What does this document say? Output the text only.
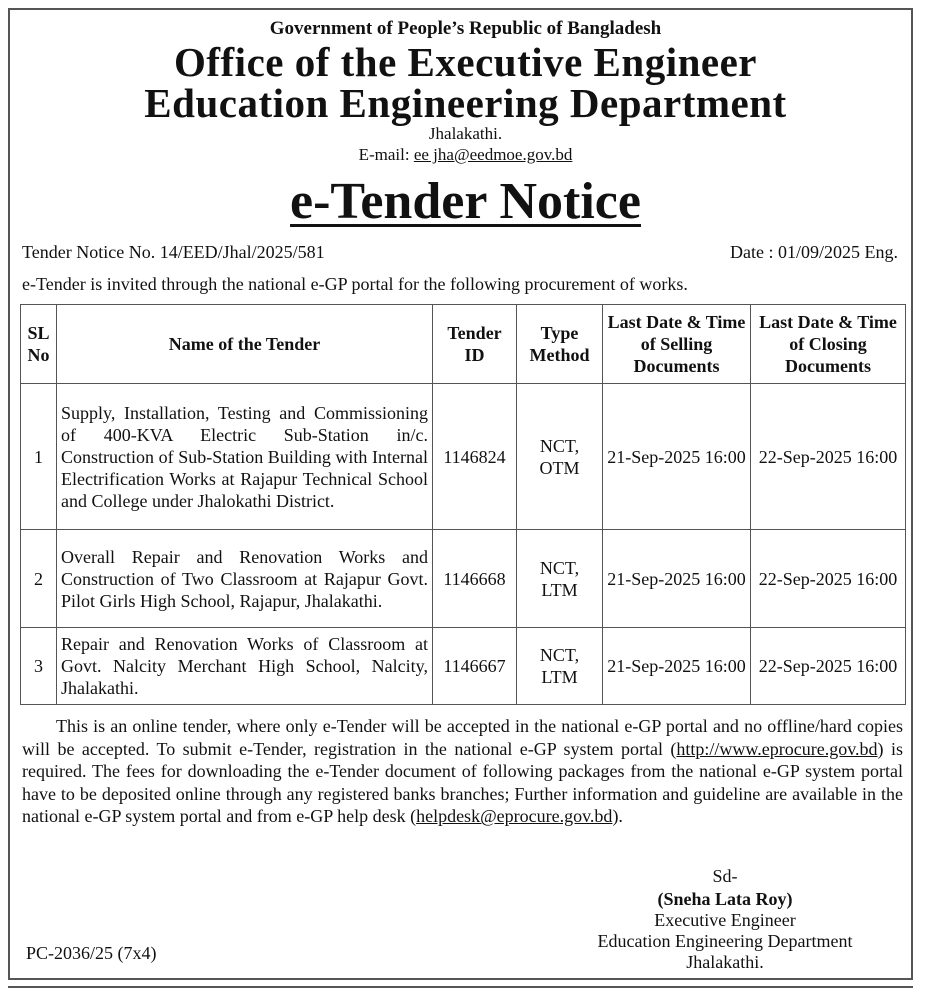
Government of People’s Republic of Bangladesh
Office of the Executive Engineer
Education Engineering Department
Jhalakathi.
E-mail: ee jha@eedmoe.gov.bd
e-Tender Notice
Tender Notice No. 14/EED/Jhal/2025/581	Date : 01/09/2025 Eng.
e-Tender is invited through the national e-GP portal for the following procurement of works.
SL No	Name of the Tender	Tender ID	Type Method	Last Date & Time of Selling Documents	Last Date & Time of Closing Documents
1	Supply, Installation, Testing and Commissioning of 400-KVA Electric Sub-Station in/c. Construction of Sub-Station Building with Internal Electrification Works at Rajapur Technical School and College under Jhalokathi District.	1146824	NCT, OTM	21-Sep-2025 16:00	22-Sep-2025 16:00
2	Overall Repair and Renovation Works and Construction of Two Classroom at Rajapur Govt. Pilot Girls High School, Rajapur, Jhalakathi.	1146668	NCT, LTM	21-Sep-2025 16:00	22-Sep-2025 16:00
3	Repair and Renovation Works of Classroom at Govt. Nalcity Merchant High School, Nalcity, Jhalakathi.	1146667	NCT, LTM	21-Sep-2025 16:00	22-Sep-2025 16:00
This is an online tender, where only e-Tender will be accepted in the national e-GP portal and no offline/hard copies will be accepted. To submit e-Tender, registration in the national e-GP system portal (http://www.eprocure.gov.bd) is required. The fees for downloading the e-Tender document of following packages from the national e-GP system portal have to be deposited online through any registered banks branches; Further information and guideline are available in the national e-GP system portal and from e-GP help desk (helpdesk@eprocure.gov.bd).
Sd-
(Sneha Lata Roy)
Executive Engineer
Education Engineering Department
Jhalakathi.
PC-2036/25 (7x4)
